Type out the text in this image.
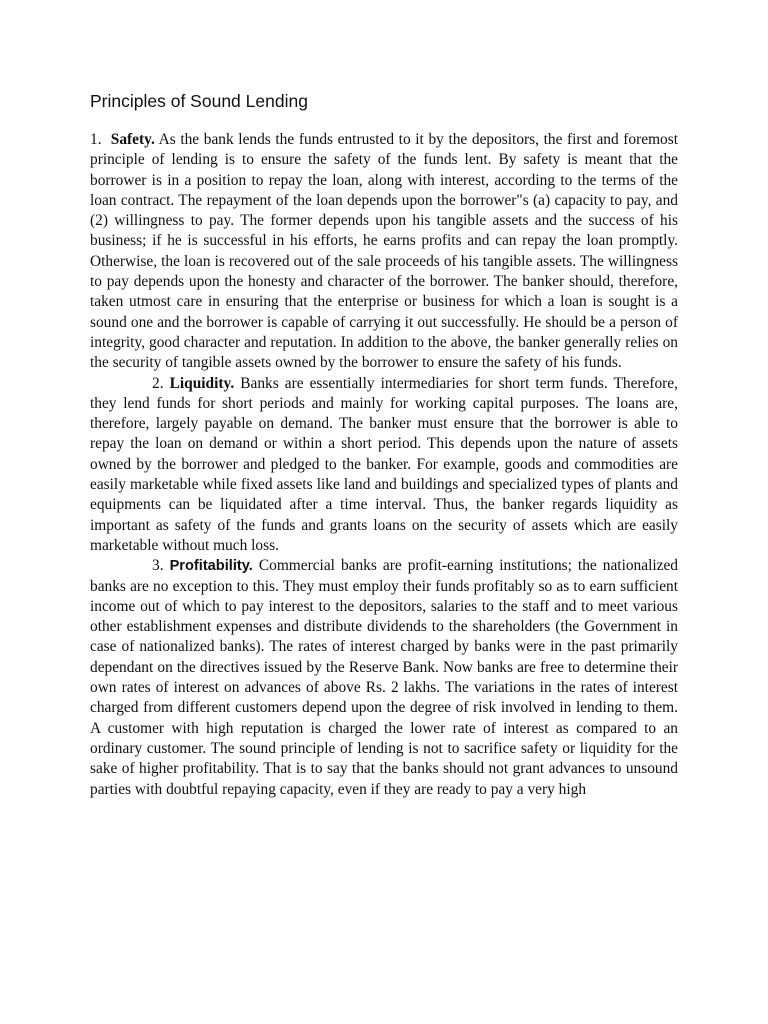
Principles of Sound Lending

1. Safety. As the bank lends the funds entrusted to it by the depositors, the first and foremost principle of lending is to ensure the safety of the funds lent. By safety is meant that the borrower is in a position to repay the loan, along with interest, according to the terms of the loan contract. The repayment of the loan depends upon the borrower"s (a) capacity to pay, and (2) willingness to pay. The former depends upon his tangible assets and the success of his business; if he is successful in his efforts, he earns profits and can repay the loan promptly. Otherwise, the loan is recovered out of the sale proceeds of his tangible assets. The willingness to pay depends upon the honesty and character of the borrower. The banker should, therefore, taken utmost care in ensuring that the enterprise or business for which a loan is sought is a sound one and the borrower is capable of carrying it out successfully. He should be a person of integrity, good character and reputation. In addition to the above, the banker generally relies on the security of tangible assets owned by the borrower to ensure the safety of his funds.

2. Liquidity. Banks are essentially intermediaries for short term funds. Therefore, they lend funds for short periods and mainly for working capital purposes. The loans are, therefore, largely payable on demand. The banker must ensure that the borrower is able to repay the loan on demand or within a short period. This depends upon the nature of assets owned by the borrower and pledged to the banker. For example, goods and commodities are easily marketable while fixed assets like land and buildings and specialized types of plants and equipments can be liquidated after a time interval. Thus, the banker regards liquidity as important as safety of the funds and grants loans on the security of assets which are easily marketable without much loss.

3. Profitability. Commercial banks are profit-earning institutions; the nationalized banks are no exception to this. They must employ their funds profitably so as to earn sufficient income out of which to pay interest to the depositors, salaries to the staff and to meet various other establishment expenses and distribute dividends to the shareholders (the Government in case of nationalized banks). The rates of interest charged by banks were in the past primarily dependant on the directives issued by the Reserve Bank. Now banks are free to determine their own rates of interest on advances of above Rs. 2 lakhs. The variations in the rates of interest charged from different customers depend upon the degree of risk involved in lending to them. A customer with high reputation is charged the lower rate of interest as compared to an ordinary customer. The sound principle of lending is not to sacrifice safety or liquidity for the sake of higher profitability. That is to say that the banks should not grant advances to unsound parties with doubtful repaying capacity, even if they are ready to pay a very high
